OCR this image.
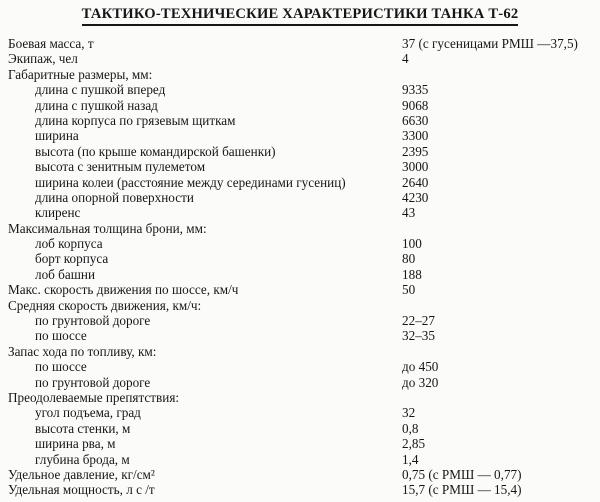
ТАКТИКО-ТЕХНИЧЕСКИЕ ХАРАКТЕРИСТИКИ ТАНКА Т-62
Боевая масса, т	37 (с гусеницами РМШ —37,5)
Экипаж, чел	4
Габаритные размеры, мм:
длина с пушкой вперед	9335
длина с пушкой назад	9068
длина корпуса по грязевым щиткам	6630
ширина	3300
высота (по крыше командирской башенки)	2395
высота с зенитным пулеметом	3000
ширина колеи (расстояние между серединами гусениц)	2640
длина опорной поверхности	4230
клиренс	43
Максимальная толщина брони, мм:
лоб корпуса	100
борт корпуса	80
лоб башни	188
Макс. скорость движения по шоссе, км/ч	50
Средняя скорость движения, км/ч:
по грунтовой дороге	22–27
по шоссе	32–35
Запас хода по топливу, км:
по шоссе	до 450
по грунтовой дороге	до 320
Преодолеваемые препятствия:
угол подъема, град	32
высота стенки, м	0,8
ширина рва, м	2,85
глубина брода, м	1,4
Удельное давление, кг/см²	0,75 (с РМШ — 0,77)
Удельная мощность, л с /т	15,7 (с РМШ — 15,4)
